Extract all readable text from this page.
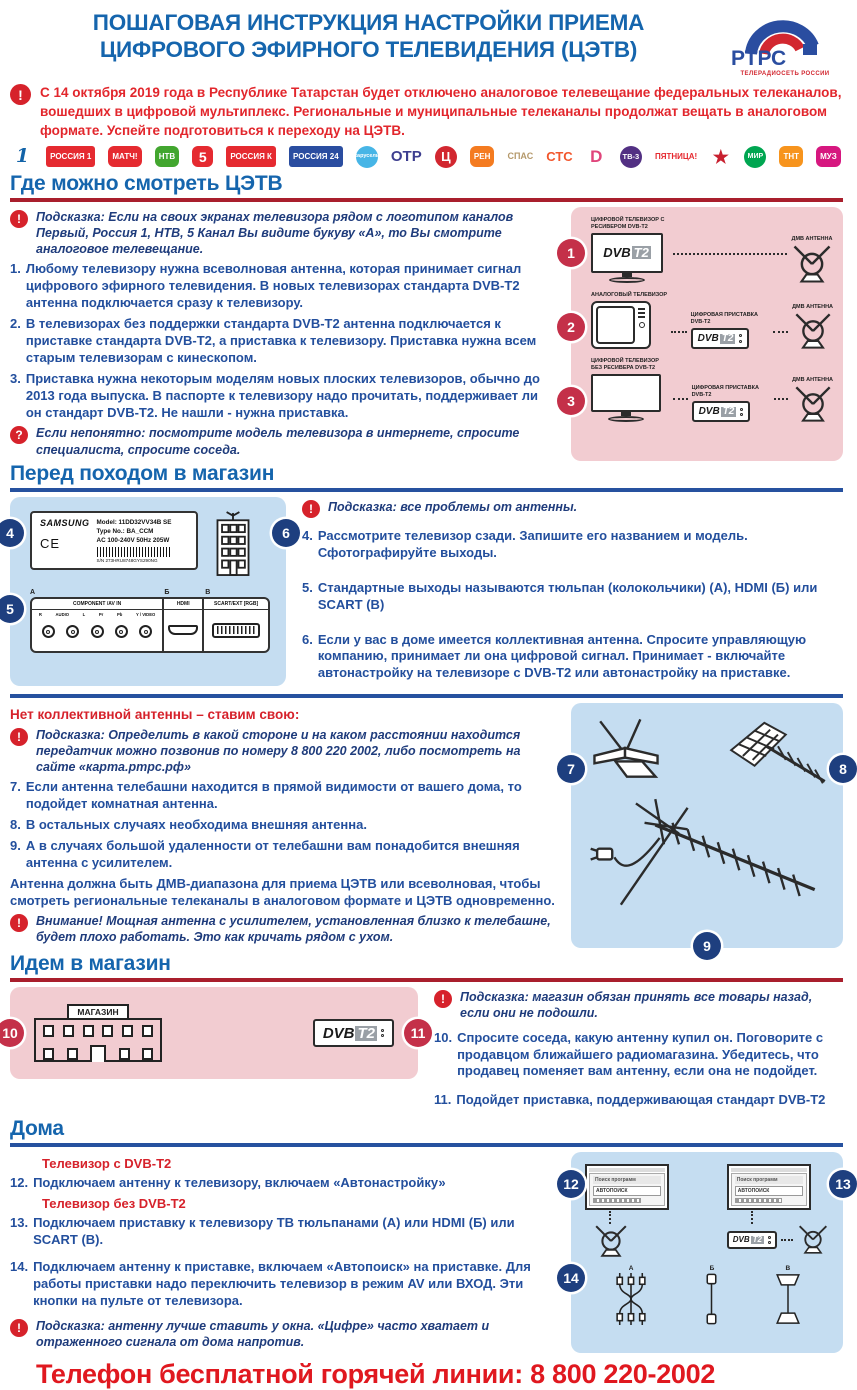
ПОШАГОВАЯ ИНСТРУКЦИЯ НАСТРОЙКИ ПРИЕМА
ЦИФРОВОГО ЭФИРНОГО ТЕЛЕВИДЕНИЯ (ЦЭТВ)	РТРС
ТЕЛЕРАДИОСЕТЬ РОССИИ
!	С 14 октября 2019 года в Республике Татарстан будет отключено аналоговое телевещание федеральных телеканалов, вошедших в цифровой мультиплекс. Региональные и муниципальные телеканалы продолжат вещать в аналоговом формате. Успейте подготовиться к переходу на ЦЭТВ.

1	РОССИЯ 1	МАТЧ!	НТВ	5	РОССИЯ К	РОССИЯ 24	карусель ОТР	Ц	РЕН	СПАС СТС D	ТВ-3	ПЯТНИЦА! ★	МИР	ТНТ	МУЗ
Где можно смотреть ЦЭТВ
!	Подсказка: Если на своих экранах телевизора рядом с логотипом каналов Первый, Россия 1, НТВ, 5 Канал Вы видите букуву «А», то Вы смотрите аналоговое телевещание.
1. Любому телевизору нужна всеволновая антенна, которая принимает сигнал цифрового эфирного телевидения. В новых телевизорах стандарта DVB-T2 антенна подключается сразу к телевизору.
2. В телевизорах без поддержки стандарта DVB-T2 антенна подключается к приставке стандарта DVB-T2, а приставка к телевизору. Приставка нужна всем старым телевизорам с кинескопом.
3. Приставка нужна некоторым моделям новых плоских телевизоров, обычно до 2013 года выпуска. В паспорте к телевизору надо прочитать, поддерживает ли он стандарт DVB-T2. Не нашли - нужна приставка.
?	Если непонятно: посмотрите модель телевизора в интернете, спросите специалиста, спросите соседа.
1
2
3
ЦИФРОВОЙ ТЕЛЕВИЗОР С РЕСИВЕРОМ DVB-T2
DVB T2
ДМВ АНТЕННА
АНАЛОГОВЫЙ ТЕЛЕВИЗОР
ЦИФРОВАЯ ПРИСТАВКА DVB-T2
DVB T2
ДМВ АНТЕННА
ЦИФРОВОЙ ТЕЛЕВИЗОР БЕЗ РЕСИВЕРА DVB-T2
ЦИФРОВАЯ ПРИСТАВКА DVB-T2
DVB T2
ДМВ АНТЕННА
Перед походом в магазин
4
5
6
SAMSUNG
CE
Model: 11DD32VV34B SE
Type No.: BA_CCM
AC 100-240V 50Hz 205W
S/N 273HRU8748GYS290NG
А	Б	В
COMPONENT /AV IN
R	AUDIO	L	Pr	Pb	Y / VIDEO
HDMI	SCART/EXT [RGB]
!	Подсказка: все проблемы от антенны.
4. Рассмотрите телевизор сзади. Запишите его названием и модель. Сфотографируйте выходы.
5. Стандартные выходы называются тюльпан (колокольчики) (А), HDMI (Б) или SCART (В)
6. Если у вас в доме имеется коллективная антенна. Спросите управляющую компанию, принимает ли она цифровой сигнал. Принимает - включайте автонастройку на телевизоре с DVB-T2 или автонастройку на приставке.
Нет коллективной антенны – ставим свою:
!	Подсказка: Определить в какой стороне и на каком расстоянии находится передатчик можно позвонив по номеру 8 800 220 2002, либо посмотреть на сайте «карта.ртрс.рф»
7. Если антенна телебашни находится в прямой видимости от вашего дома, то подойдет комнатная антенна.
8. В остальных случаях необходима внешняя антенна.
9. А в случаях большой удаленности от телебашни вам понадобится внешняя антенна с усилителем.

Антенна должна быть ДМВ-диапазона для приема ЦЭТВ или всеволновая, чтобы смотреть региональные телеканалы в аналоговом формате и ЦЭТВ одновременно.

!	Внимание! Мощная антенна с усилителем, установленная близко к телебашне, будет плохо работать. Это как кричать рядом с ухом.
7	8
9
Идем в магазин
10	11
МАГАЗИН
DVB T2
!	Подсказка: магазин обязан принять все товары назад, если они не подошли.
10. Спросите соседа, какую антенну купил он. Поговорите с продавцом ближайшего радиомагазина. Убедитесь, что продавец поменяет вам антенну, если она не подойдет.
11. Подойдет приставка, поддерживающая стандарт DVB-T2
Дома
Телевизор с DVB-T2
12. Подключаем антенну к телевизору, включаем «Автонастройку»
Телевизор без DVB-T2
13. Подключаем приставку к телевизору ТВ тюльпанами (А) или HDMI (Б) или SCART (В).
14. Подключаем антенну к приставке, включаем «Автопоиск» на приставке. Для работы приставки надо переключить телевизор в режим AV или ВХОД. Эти кнопки на пульте от телевизора.
!	Подсказка: антенну лучше ставить у окна. «Цифре» часто хватает и отраженного сигнала от дома напротив.
12	13
14
Поиск программ
АВТОПОИСК
Поиск программ
АВТОПОИСК
DVB T2
А	Б	В
Телефон бесплатной горячей линии: 8 800 220-2002
